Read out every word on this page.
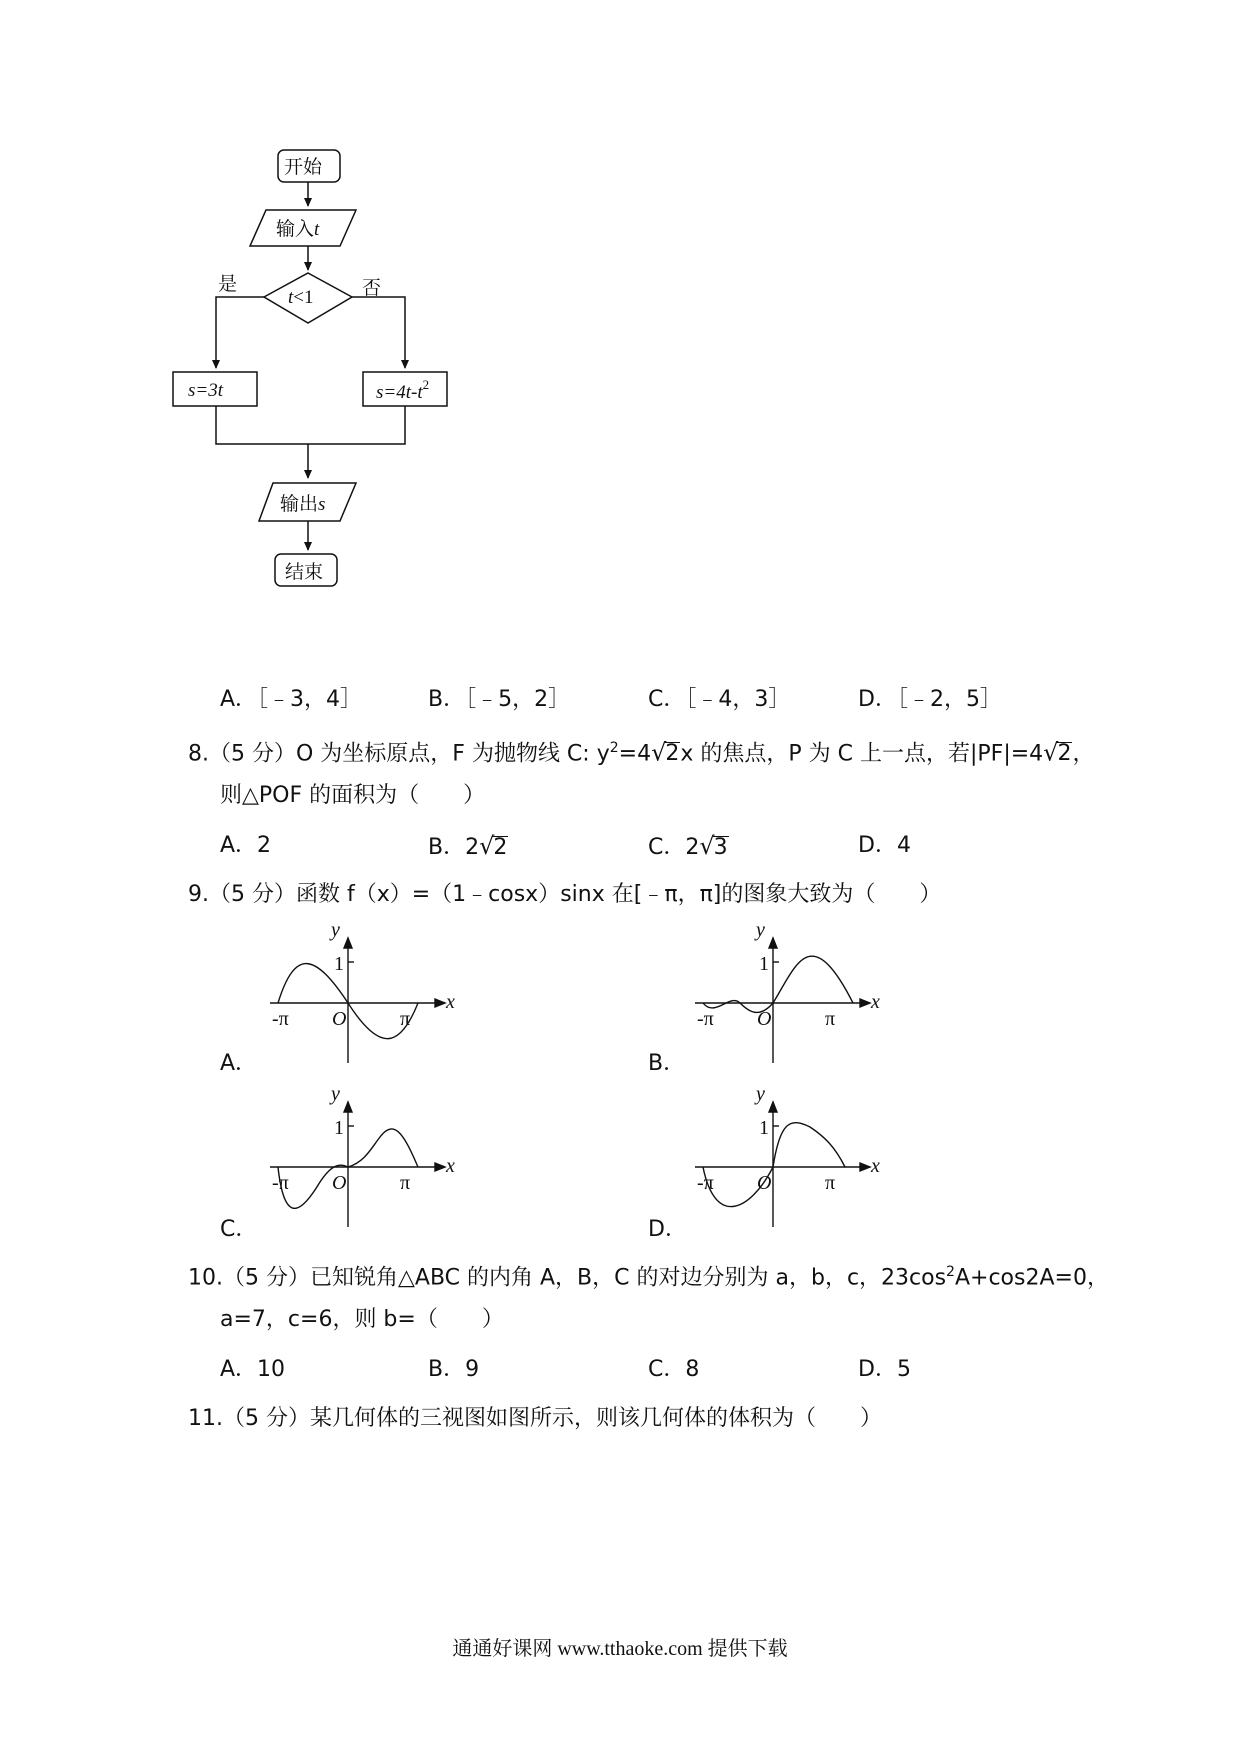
开始
输入t
t<1
是	否
s=3t	$s=4t-t^2$
输出s
结束
A．［﹣3，4］	B．［﹣5，2］	C．［﹣4，3］	D．［﹣2，5］
8.（5 分）O 为坐标原点，F 为抛物线 C: $y^2=4√2x$ 的焦点，P 为 C 上一点，若|PF|=4√2，
则△POF 的面积为（　　）
A．2	B．2√2	C．2√3	D．4
9.（5 分）函数 f（x）=（1﹣cosx）sinx 在[﹣π，π]的图象大致为（　　）
y
x
1
O
-π	π
A．
y
x
1
O
-π	π
B．
y
x
1
O
-π	π
C．
y
x
1
O
-π	π
D．
10.（5 分）已知锐角△ABC 的内角 A，B，C 的对边分别为 a，b，c，$23\cos^2A+\cos 2A=0$，
a=7，c=6，则 b=（　　）
A．10	B．9	C．8	D．5
11.（5 分）某几何体的三视图如图所示，则该几何体的体积为（　　）
通通好课网 www.tthaoke.com 提供下载
